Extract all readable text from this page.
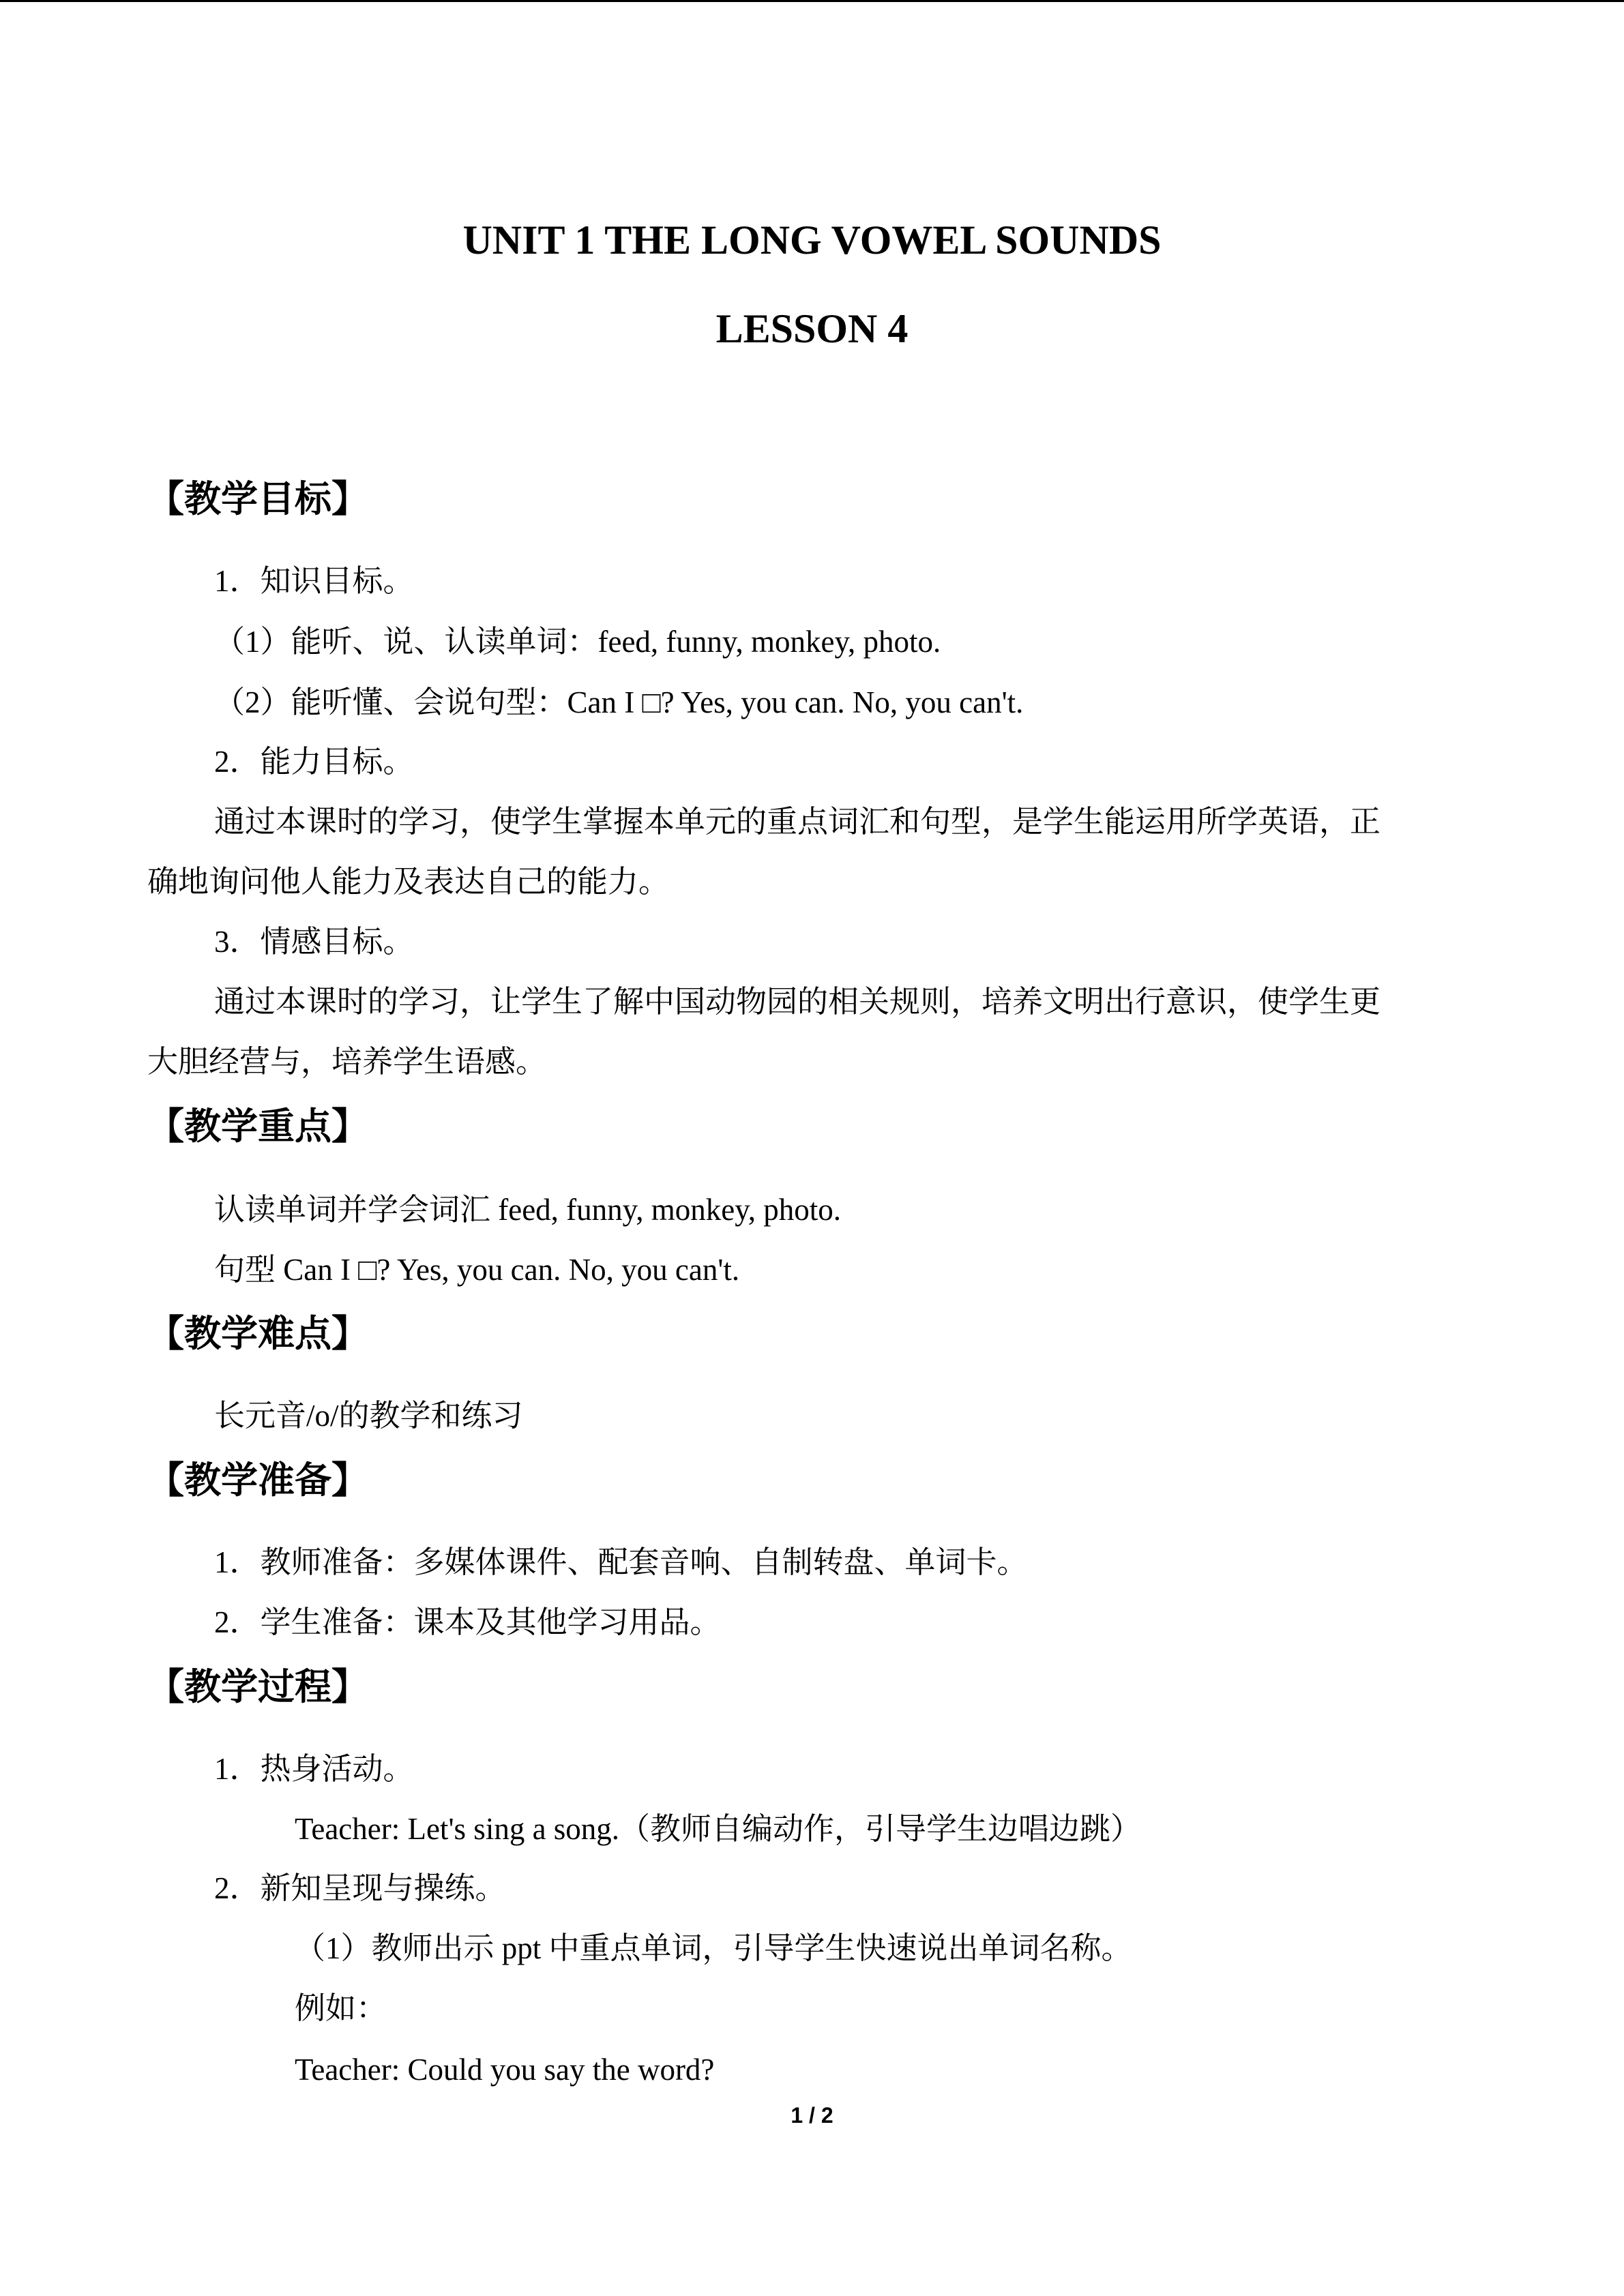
UNIT 1 THE LONG VOWEL SOUNDS
LESSON 4
【教学目标】
1．知识目标。
（1）能听、说、认读单词：feed, funny, monkey, photo.
（2）能听懂、会说句型：Can I □? Yes, you can. No, you can't.
2．能力目标。
通过本课时的学习，使学生掌握本单元的重点词汇和句型，是学生能运用所学英语，正
确地询问他人能力及表达自己的能力。
3．情感目标。
通过本课时的学习，让学生了解中国动物园的相关规则，培养文明出行意识，使学生更
大胆经营与，培养学生语感。
【教学重点】
认读单词并学会词汇 feed, funny, monkey, photo.
句型 Can I □? Yes, you can. No, you can't.
【教学难点】
长元音/o/的教学和练习
【教学准备】
1．教师准备：多媒体课件、配套音响、自制转盘、单词卡。
2．学生准备：课本及其他学习用品。
【教学过程】
1．热身活动。
Teacher: Let's sing a song.（教师自编动作，引导学生边唱边跳）
2．新知呈现与操练。
（1）教师出示 ppt 中重点单词，引导学生快速说出单词名称。
例如：
Teacher: Could you say the word?
1 / 2
